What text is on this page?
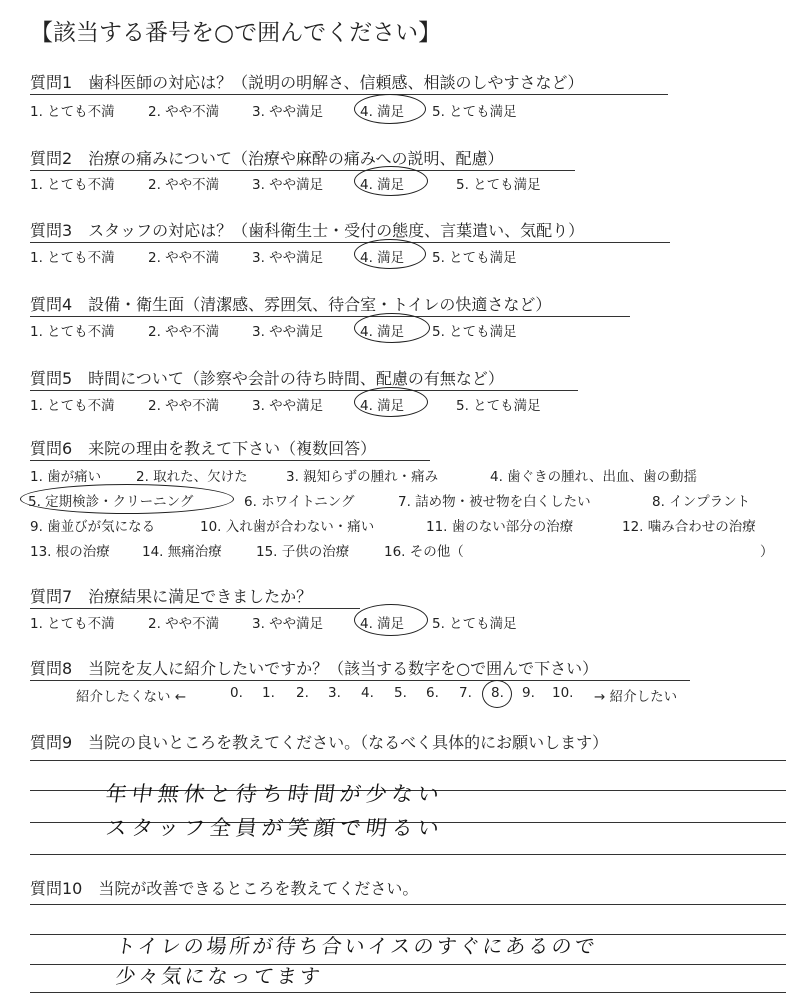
【該当する番号を○で囲んでください】
質問1　歯科医師の対応は？（説明の明解さ、信頼感、相談のしやすさなど）
1. とても不満 2. やや不満 3. やや満足	4. 満足 5. とても満足
質問2　治療の痛みについて（治療や麻酔の痛みへの説明、配慮）
1. とても不満 2. やや不満 3. やや満足	4. 満足	5. とても満足
質問3　スタッフの対応は？（歯科衛生士・受付の態度、言葉遣い、気配り）
1. とても不満 2. やや不満 3. やや満足	4. 満足 5. とても満足
質問4　設備・衛生面（清潔感、雰囲気、待合室・トイレの快適さなど）
1. とても不満 2. やや不満 3. やや満足	4. 満足 5. とても満足
質問5　時間について（診察や会計の待ち時間、配慮の有無など）
1. とても不満 2. やや不満 3. やや満足	4. 満足	5. とても満足
質問6　来院の理由を教えて下さい（複数回答）
1. 歯が痛い	2. 取れた、欠けた	3. 親知らずの腫れ・痛み	4. 歯ぐきの腫れ、出血、歯の動揺
5. 定期検診・クリーニング	6. ホワイトニング	7. 詰め物・被せ物を白くしたい	8. インプラント
9. 歯並びが気になる	10. 入れ歯が合わない・痛い	11. 歯のない部分の治療	12. 噛み合わせの治療
13. 根の治療 14. 無痛治療	15. 子供の治療	16. その他（	）
質問7　治療結果に満足できましたか？
1. とても不満 2. やや不満 3. やや満足	4. 満足 5. とても満足
質問8　当院を友人に紹介したいですか？（該当する数字を○で囲んで下さい）
紹介したくない ←	0. 1. 2. 3. 4. 5. 6. 7. 8. 9. 10. → 紹介したい
質問9　当院の良いところを教えてください。（なるべく具体的にお願いします）
年中無休と待ち時間が少ない
スタッフ全員が笑顔で明るい
質問10　当院が改善できるところを教えてください。
トイレの場所が待ち合いイスのすぐにあるので
少々気になってます
